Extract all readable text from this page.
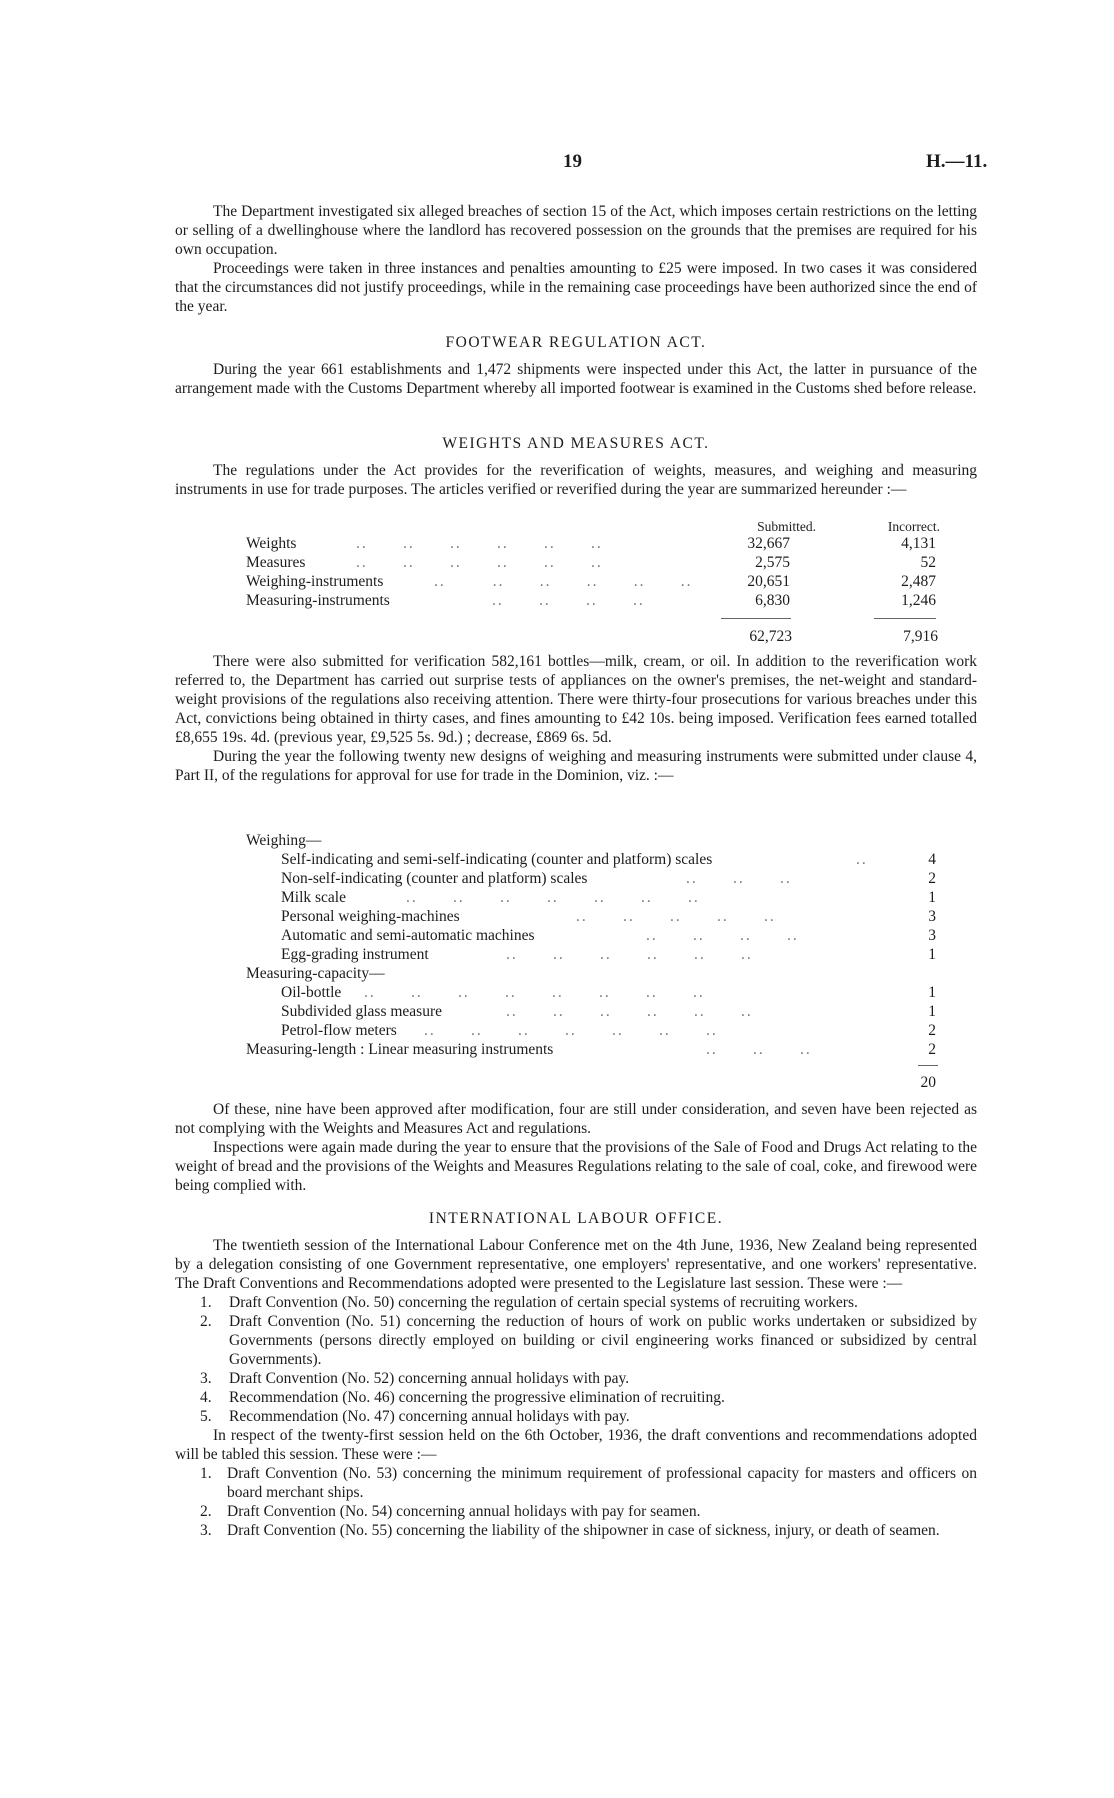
19	H.—11.

The Department investigated six alleged breaches of section 15 of the Act, which imposes certain restrictions on the letting or selling of a dwellinghouse where the landlord has recovered possession on the grounds that the premises are required for his own occupation.

Proceedings were taken in three instances and penalties amounting to £25 were imposed. In two cases it was considered that the circumstances did not justify proceedings, while in the remaining case proceedings have been authorized since the end of the year.

FOOTWEAR REGULATION ACT.

During the year 661 establishments and 1,472 shipments were inspected under this Act, the latter in pursuance of the arrangement made with the Customs Department whereby all imported footwear is examined in the Customs shed before release.

WEIGHTS AND MEASURES ACT.

The regulations under the Act provides for the reverification of weights, measures, and weighing and measuring instruments in use for trade purposes. The articles verified or reverified during the year are summarized hereunder :—

Submitted.	Incorrect.
Weights	..      ..      ..      ..      ..      ..	32,667	4,131
Measures	..      ..      ..      ..      ..      ..	2,575	52
Weighing-instruments	..        ..      ..      ..      ..      ..	20,651	2,487
Measuring-instruments	..      ..      ..      ..	6,830	1,246
62,723	7,916

There were also submitted for verification 582,161 bottles—milk, cream, or oil. In addition to the reverification work referred to, the Department has carried out surprise tests of appliances on the owner's premises, the net-weight and standard-weight provisions of the regulations also receiving attention. There were thirty-four prosecutions for various breaches under this Act, convictions being obtained in thirty cases, and fines amounting to £42 10s. being imposed. Verification fees earned totalled £8,655 19s. 4d. (previous year, £9,525 5s. 9d.) ; decrease, £869 6s. 5d.

During the year the following twenty new designs of weighing and measuring instruments were submitted under clause 4, Part II, of the regulations for approval for use for trade in the Dominion, viz. :—

Weighing—
Self-indicating and semi-self-indicating (counter and platform) scales	..	4
Non-self-indicating (counter and platform) scales	..      ..      ..	2
Milk scale	..      ..      ..      ..      ..      ..      ..	1
Personal weighing-machines	..      ..      ..      ..      ..	3
Automatic and semi-automatic machines	..      ..      ..      ..	3
Egg-grading instrument	..      ..      ..      ..      ..      ..	1
Measuring-capacity—
Oil-bottle ..      ..      ..      ..      ..      ..      ..      ..	1
Subdivided glass measure	..      ..      ..      ..      ..      ..	1
Petrol-flow meters ..      ..      ..      ..      ..      ..      ..	2
Measuring-length : Linear measuring instruments	..      ..      ..	2
20

Of these, nine have been approved after modification, four are still under consideration, and seven have been rejected as not complying with the Weights and Measures Act and regulations.

Inspections were again made during the year to ensure that the provisions of the Sale of Food and Drugs Act relating to the weight of bread and the provisions of the Weights and Measures Regulations relating to the sale of coal, coke, and firewood were being complied with.

INTERNATIONAL LABOUR OFFICE.

The twentieth session of the International Labour Conference met on the 4th June, 1936, New Zealand being represented by a delegation consisting of one Government representative, one employers' representative, and one workers' representative. The Draft Conventions and Recommendations adopted were presented to the Legislature last session. These were :—

1. Draft Convention (No. 50) concerning the regulation of certain special systems of recruiting workers.
2. Draft Convention (No. 51) concerning the reduction of hours of work on public works undertaken or subsidized by Governments (persons directly employed on building or civil engineering works financed or subsidized by central Governments).
3. Draft Convention (No. 52) concerning annual holidays with pay.
4. Recommendation (No. 46) concerning the progressive elimination of recruiting.
5. Recommendation (No. 47) concerning annual holidays with pay.

In respect of the twenty-first session held on the 6th October, 1936, the draft conventions and recommendations adopted will be tabled this session. These were :—

1. Draft Convention (No. 53) concerning the minimum requirement of professional capacity for masters and officers on board merchant ships.
2. Draft Convention (No. 54) concerning annual holidays with pay for seamen.
3. Draft Convention (No. 55) concerning the liability of the shipowner in case of sickness, injury, or death of seamen.
